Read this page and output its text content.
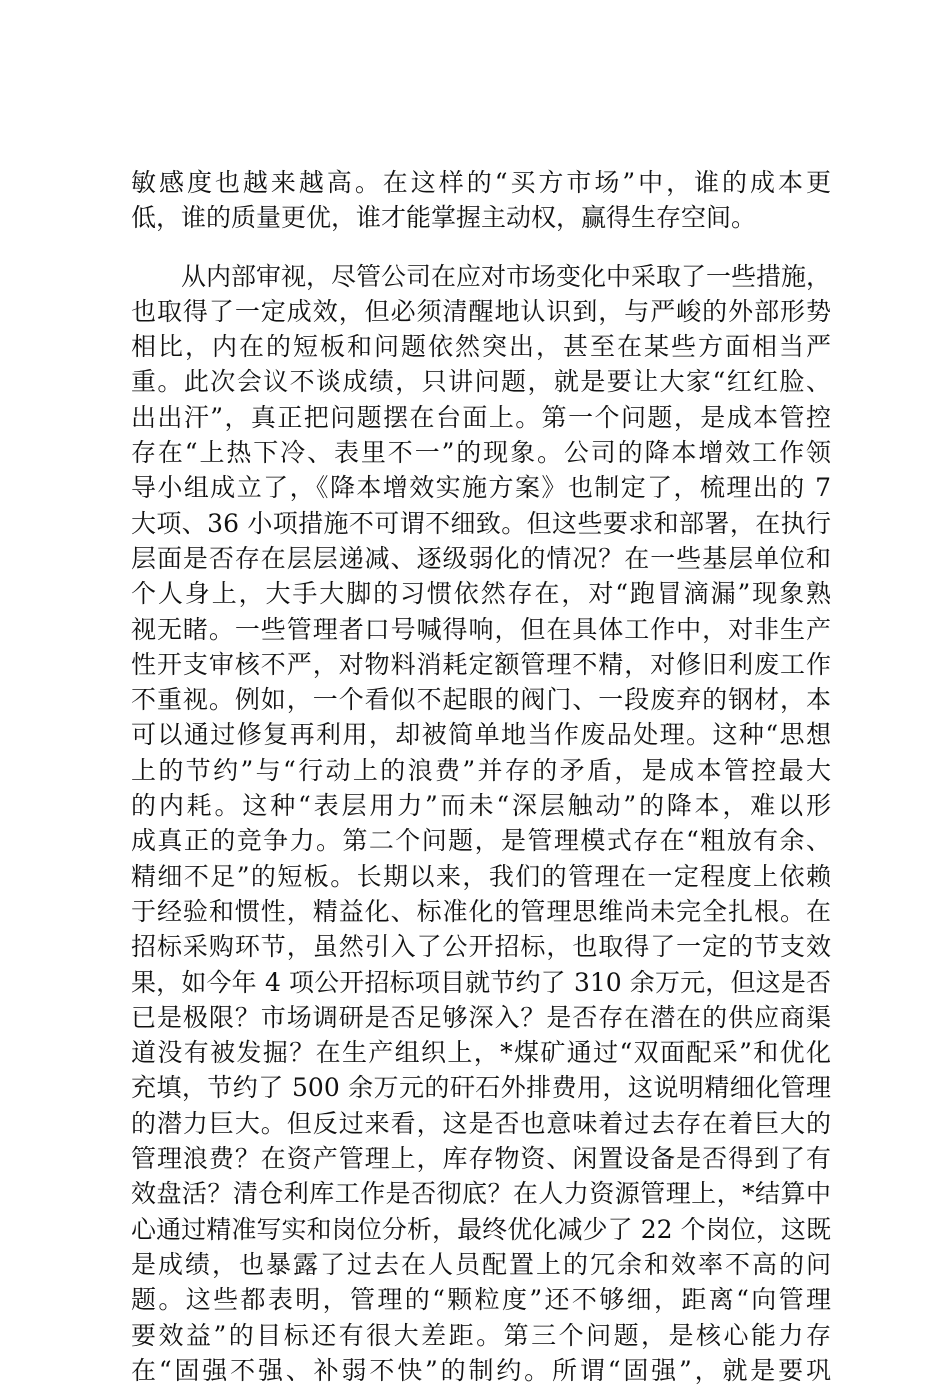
敏感度也越来越高。在这样的“买方市场”中，谁的成本更
低，谁的质量更优，谁才能掌握主动权，赢得生存空间。
　　从内部审视，尽管公司在应对市场变化中采取了一些措施，
也取得了一定成效，但必须清醒地认识到，与严峻的外部形势
相比，内在的短板和问题依然突出，甚至在某些方面相当严
重。此次会议不谈成绩，只讲问题，就是要让大家“红红脸、
出出汗”，真正把问题摆在台面上。第一个问题，是成本管控
存在“上热下冷、表里不一”的现象。公司的降本增效工作领
导小组成立了，《降本增效实施方案》也制定了，梳理出的 7
大项、36 小项措施不可谓不细致。但这些要求和部署，在执行
层面是否存在层层递减、逐级弱化的情况？在一些基层单位和
个人身上，大手大脚的习惯依然存在，对“跑冒滴漏”现象熟
视无睹。一些管理者口号喊得响，但在具体工作中，对非生产
性开支审核不严，对物料消耗定额管理不精，对修旧利废工作
不重视。例如，一个看似不起眼的阀门、一段废弃的钢材，本
可以通过修复再利用，却被简单地当作废品处理。这种“思想
上的节约”与“行动上的浪费”并存的矛盾，是成本管控最大
的内耗。这种“表层用力”而未“深层触动”的降本，难以形
成真正的竞争力。第二个问题，是管理模式存在“粗放有余、
精细不足”的短板。长期以来，我们的管理在一定程度上依赖
于经验和惯性，精益化、标准化的管理思维尚未完全扎根。在
招标采购环节，虽然引入了公开招标，也取得了一定的节支效
果，如今年 4 项公开招标项目就节约了 310 余万元，但这是否
已是极限？市场调研是否足够深入？是否存在潜在的供应商渠
道没有被发掘？在生产组织上，*煤矿通过“双面配采”和优化
充填，节约了 500 余万元的矸石外排费用，这说明精细化管理
的潜力巨大。但反过来看，这是否也意味着过去存在着巨大的
管理浪费？在资产管理上，库存物资、闲置设备是否得到了有
效盘活？清仓利库工作是否彻底？在人力资源管理上，*结算中
心通过精准写实和岗位分析，最终优化减少了 22 个岗位，这既
是成绩，也暴露了过去在人员配置上的冗余和效率不高的问
题。这些都表明，管理的“颗粒度”还不够细，距离“向管理
要效益”的目标还有很大差距。第三个问题，是核心能力存
在“固强不强、补弱不快”的制约。所谓“固强”，就是要巩
